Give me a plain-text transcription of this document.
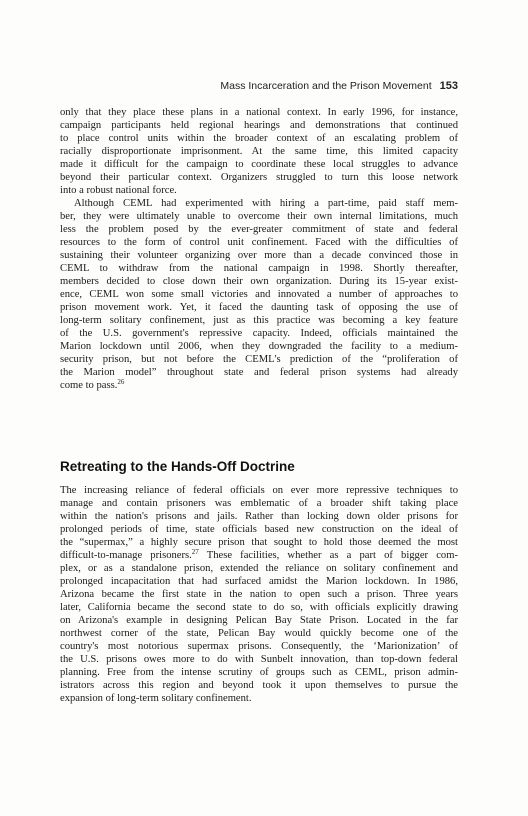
Mass Incarceration and the Prison Movement 153
only that they place these plans in a national context. In early 1996, for instance,
campaign participants held regional hearings and demonstrations that continued
to place control units within the broader context of an escalating problem of
racially disproportionate imprisonment. At the same time, this limited capacity
made it difficult for the campaign to coordinate these local struggles to advance
beyond their particular context. Organizers struggled to turn this loose network
into a robust national force.
Although CEML had experimented with hiring a part-time, paid staff mem-
ber, they were ultimately unable to overcome their own internal limitations, much
less the problem posed by the ever-greater commitment of state and federal
resources to the form of control unit confinement. Faced with the difficulties of
sustaining their volunteer organizing over more than a decade convinced those in
CEML to withdraw from the national campaign in 1998. Shortly thereafter,
members decided to close down their own organization. During its 15-year exist-
ence, CEML won some small victories and innovated a number of approaches to
prison movement work. Yet, it faced the daunting task of opposing the use of
long-term solitary confinement, just as this practice was becoming a key feature
of the U.S. government's repressive capacity. Indeed, officials maintained the
Marion lockdown until 2006, when they downgraded the facility to a medium-
security prison, but not before the CEML's prediction of the “proliferation of
the Marion model” throughout state and federal prison systems had already
come to pass.$^{26}$
Retreating to the Hands-Off Doctrine
The increasing reliance of federal officials on ever more repressive techniques to
manage and contain prisoners was emblematic of a broader shift taking place
within the nation's prisons and jails. Rather than locking down older prisons for
prolonged periods of time, state officials based new construction on the ideal of
the “supermax,” a highly secure prison that sought to hold those deemed the most
difficult-to-manage prisoners.$^{27}$ These facilities, whether as a part of bigger com-
plex, or as a standalone prison, extended the reliance on solitary confinement and
prolonged incapacitation that had surfaced amidst the Marion lockdown. In 1986,
Arizona became the first state in the nation to open such a prison. Three years
later, California became the second state to do so, with officials explicitly drawing
on Arizona's example in designing Pelican Bay State Prison. Located in the far
northwest corner of the state, Pelican Bay would quickly become one of the
country's most notorious supermax prisons. Consequently, the ‘Marionization’ of
the U.S. prisons owes more to do with Sunbelt innovation, than top-down federal
planning. Free from the intense scrutiny of groups such as CEML, prison admin-
istrators across this region and beyond took it upon themselves to pursue the
expansion of long-term solitary confinement.
